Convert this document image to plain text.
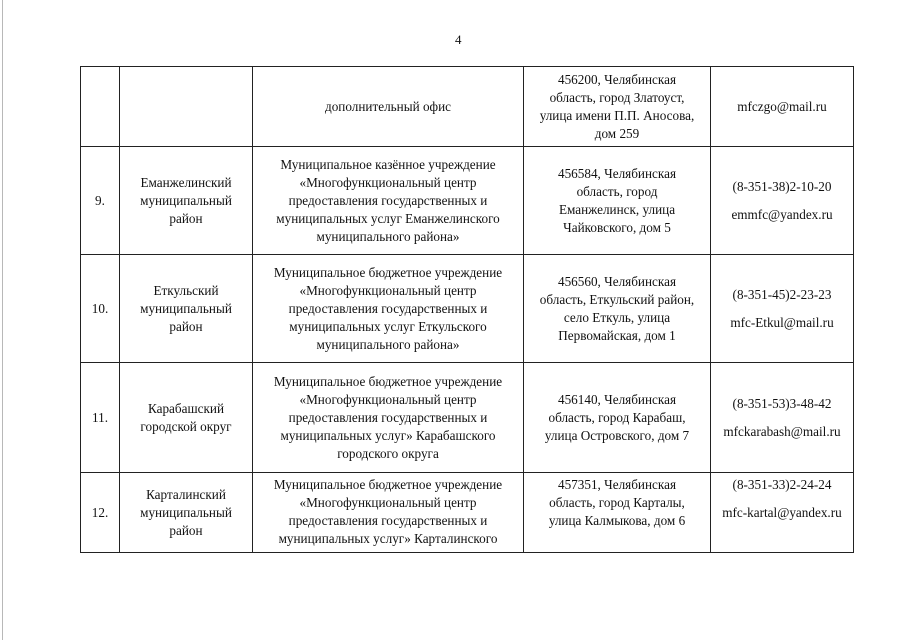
4

		дополнительный офис	456200, Челябинская
область, город Златоуст,
улица имени П.П. Аносова,
дом 259	mfczgo@mail.ru

9.	Еманжелинский
муниципальный
район	Муниципальное казённое учреждение
«Многофункциональный центр
предоставления государственных и
муниципальных услуг Еманжелинского
муниципального района»	456584, Челябинская
область, город
Еманжелинск, улица
Чайковского, дом 5	(8-351-38)2-10-20
emmfc@yandex.ru

10.	Еткульский
муниципальный
район	Муниципальное бюджетное учреждение
«Многофункциональный центр
предоставления государственных и
муниципальных услуг Еткульского
муниципального района»	456560, Челябинская
область, Еткульский район,
село Еткуль, улица
Первомайская, дом 1	(8-351-45)2-23-23
mfc-Etkul@mail.ru

11.	Карабашский
городской округ	Муниципальное бюджетное учреждение
«Многофункциональный центр
предоставления государственных и
муниципальных услуг» Карабашского
городского округа	456140, Челябинская
область, город Карабаш,
улица Островского, дом 7	(8-351-53)3-48-42
mfckarabash@mail.ru

12.	Карталинский
муниципальный
район	Муниципальное бюджетное учреждение
«Многофункциональный центр
предоставления государственных и
муниципальных услуг» Карталинского	457351, Челябинская
область, город Карталы,
улица Калмыкова, дом 6	(8-351-33)2-24-24
mfc-kartal@yandex.ru
